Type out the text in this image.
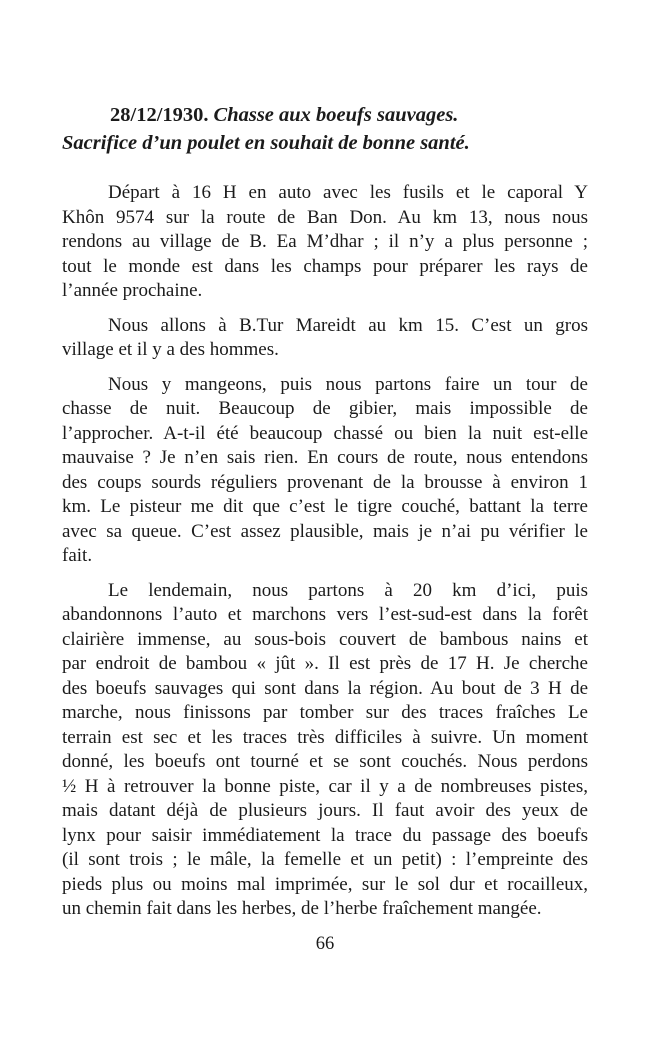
28/12/1930. Chasse aux boeufs sauvages.
Sacrifice d’un poulet en souhait de bonne santé.
Départ à 16 H en auto avec les fusils et le caporal Y
Khôn 9574 sur la route de Ban Don. Au km 13, nous nous
rendons au village de B. Ea M’dhar ; il n’y a plus personne ;
tout le monde est dans les champs pour préparer les rays de
l’année prochaine.
Nous allons à B.Tur Mareidt au km 15. C’est un gros
village et il y a des hommes.
Nous y mangeons, puis nous partons faire un tour de
chasse de nuit. Beaucoup de gibier, mais impossible de
l’approcher. A-t-il été beaucoup chassé ou bien la nuit est-elle
mauvaise ? Je n’en sais rien. En cours de route, nous entendons
des coups sourds réguliers provenant de la brousse à environ 1
km. Le pisteur me dit que c’est le tigre couché, battant la terre
avec sa queue. C’est assez plausible, mais je n’ai pu vérifier le
fait.
Le lendemain, nous partons à 20 km d’ici, puis
abandonnons l’auto et marchons vers l’est-sud-est dans la forêt
clairière immense, au sous-bois couvert de bambous nains et
par endroit de bambou « jût ». Il est près de 17 H. Je cherche
des boeufs sauvages qui sont dans la région. Au bout de 3 H de
marche, nous finissons par tomber sur des traces fraîches Le
terrain est sec et les traces très difficiles à suivre. Un moment
donné, les boeufs ont tourné et se sont couchés. Nous perdons
½ H à retrouver la bonne piste, car il y a de nombreuses pistes,
mais datant déjà de plusieurs jours. Il faut avoir des yeux de
lynx pour saisir immédiatement la trace du passage des boeufs
(il sont trois ; le mâle, la femelle et un petit) : l’empreinte des
pieds plus ou moins mal imprimée, sur le sol dur et rocailleux,
un chemin fait dans les herbes, de l’herbe fraîchement mangée.
66
